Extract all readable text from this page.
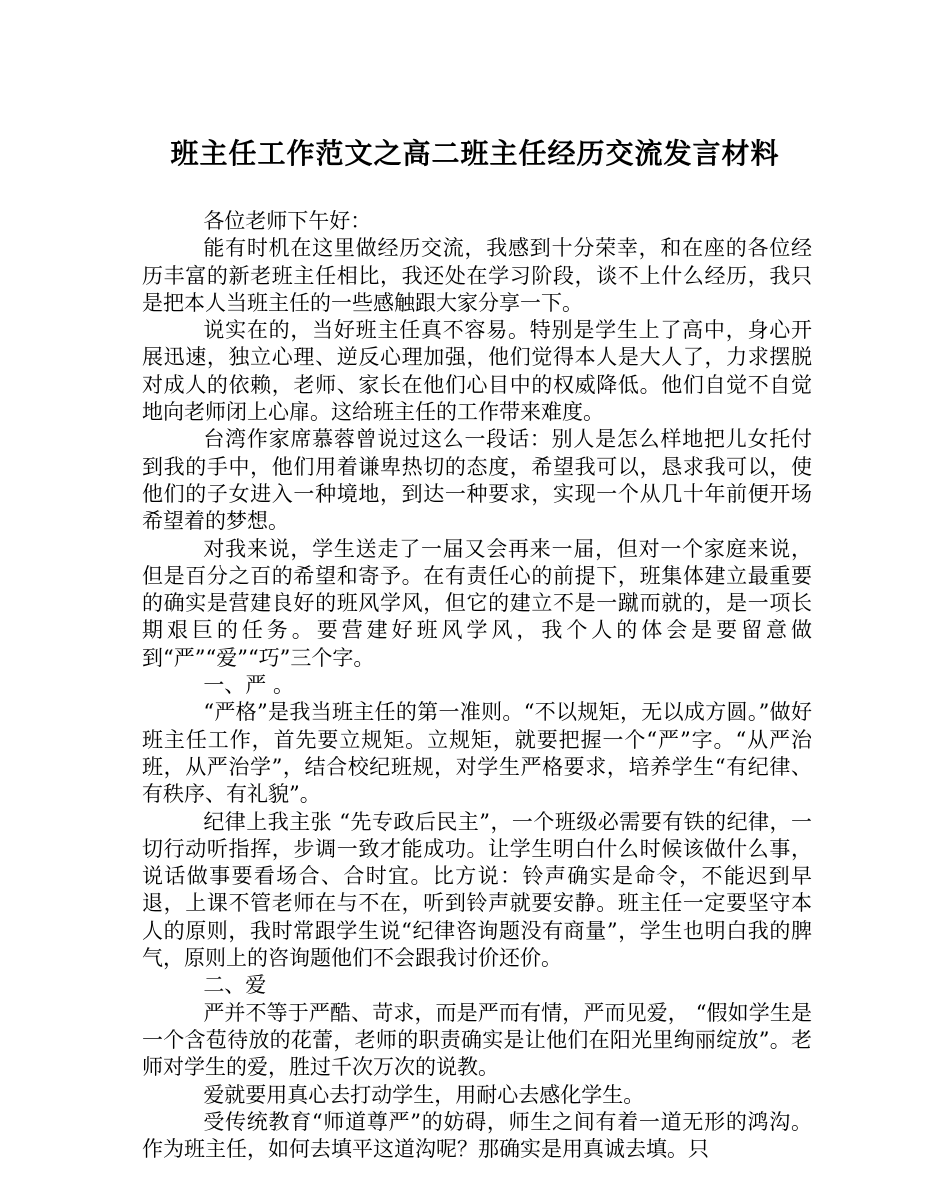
班主任工作范文之高二班主任经历交流发言材料

各位老师下午好：

能有时机在这里做经历交流，我感到十分荣幸，和在座的各位经历丰富的新老班主任相比，我还处在学习阶段，谈不上什么经历，我只是把本人当班主任的一些感触跟大家分享一下。

说实在的，当好班主任真不容易。特别是学生上了高中，身心开展迅速，独立心理、逆反心理加强，他们觉得本人是大人了，力求摆脱对成人的依赖，老师、家长在他们心目中的权威降低。他们自觉不自觉地向老师闭上心扉。这给班主任的工作带来难度。

台湾作家席慕蓉曾说过这么一段话：别人是怎么样地把儿女托付到我的手中，他们用着谦卑热切的态度，希望我可以，恳求我可以，使他们的子女进入一种境地，到达一种要求，实现一个从几十年前便开场希望着的梦想。

对我来说，学生送走了一届又会再来一届，但对一个家庭来说，但是百分之百的希望和寄予。在有责任心的前提下，班集体建立最重要的确实是营建良好的班风学风，但它的建立不是一蹴而就的，是一项长期艰巨的任务。要营建好班风学风，我个人的体会是要留意做到“严”“爱”“巧”三个字。

一、严 。

“严格”是我当班主任的第一准则。“不以规矩，无以成方圆。”做好班主任工作，首先要立规矩。立规矩，就要把握一个“严”字。“从严治班，从严治学”，结合校纪班规，对学生严格要求，培养学生“有纪律、有秩序、有礼貌”。

纪律上我主张 “先专政后民主”，一个班级必需要有铁的纪律，一切行动听指挥，步调一致才能成功。让学生明白什么时候该做什么事，说话做事要看场合、合时宜。比方说：铃声确实是命令，不能迟到早退，上课不管老师在与不在，听到铃声就要安静。班主任一定要坚守本人的原则，我时常跟学生说“纪律咨询题没有商量”，学生也明白我的脾气，原则上的咨询题他们不会跟我讨价还价。

二、爱

严并不等于严酷、苛求，而是严而有情，严而见爱， “假如学生是一个含苞待放的花蕾，老师的职责确实是让他们在阳光里绚丽绽放”。老师对学生的爱，胜过千次万次的说教。

爱就要用真心去打动学生，用耐心去感化学生。

受传统教育“师道尊严”的妨碍，师生之间有着一道无形的鸿沟。作为班主任，如何去填平这道沟呢？那确实是用真诚去填。只
